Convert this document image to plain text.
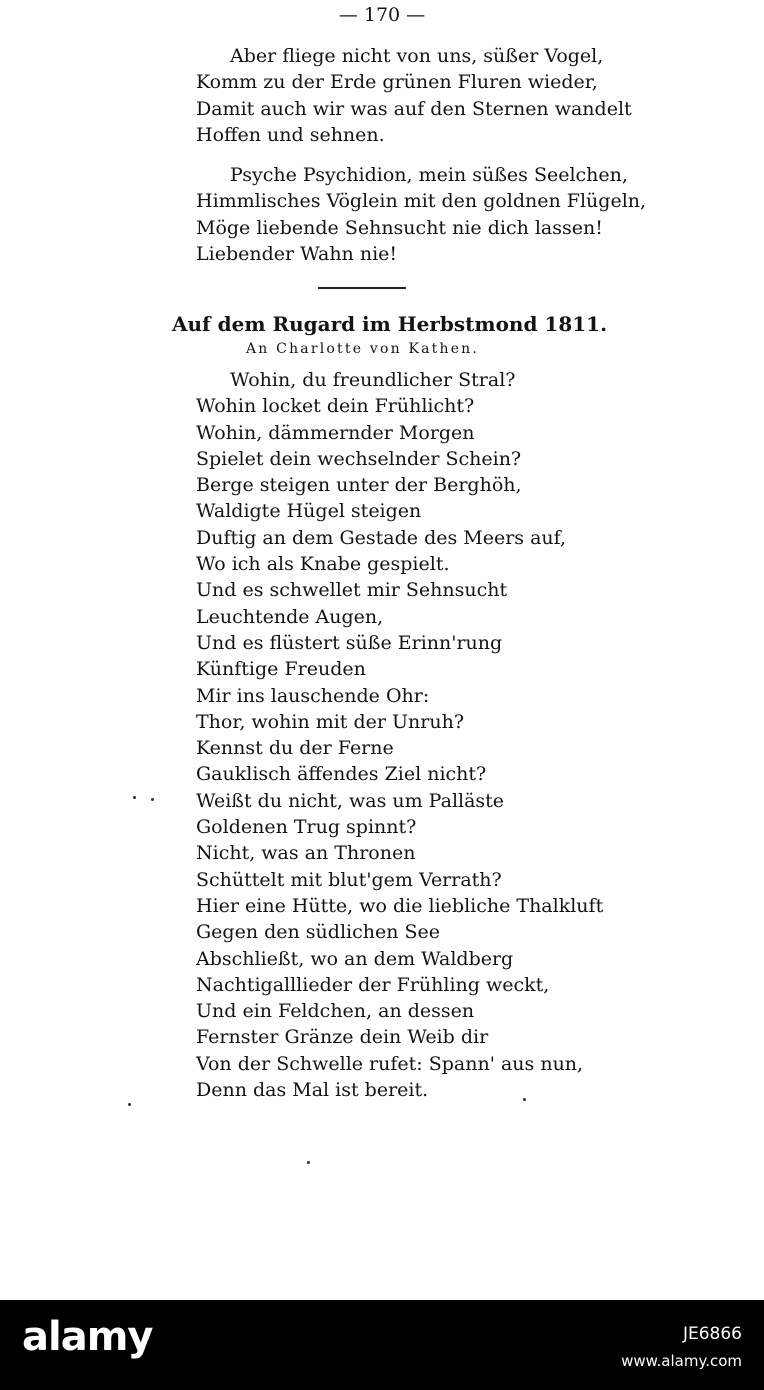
— 170 —
Aber fliege nicht von uns, süßer Vogel,
Komm zu der Erde grünen Fluren wieder,
Damit auch wir was auf den Sternen wandelt
Hoffen und sehnen.
Psyche Psychidion, mein süßes Seelchen,
Himmlisches Vöglein mit den goldnen Flügeln,
Möge liebende Sehnsucht nie dich lassen!
Liebender Wahn nie!
Auf dem Rugard im Herbstmond 1811.
An Charlotte von Kathen.
Wohin, du freundlicher Stral?
Wohin locket dein Frühlicht?
Wohin, dämmernder Morgen
Spielet dein wechselnder Schein?
Berge steigen unter der Berghöh,
Waldigte Hügel steigen
Duftig an dem Gestade des Meers auf,
Wo ich als Knabe gespielt.
Und es schwellet mir Sehnsucht
Leuchtende Augen,
Und es flüstert süße Erinn'rung
Künftige Freuden
Mir ins lauschende Ohr:
Thor, wohin mit der Unruh?
Kennst du der Ferne
Gauklisch äffendes Ziel nicht?
Weißt du nicht, was um Palläste
Goldenen Trug spinnt?
Nicht, was an Thronen
Schüttelt mit blut'gem Verrath?
Hier eine Hütte, wo die liebliche Thalkluft
Gegen den südlichen See
Abschließt, wo an dem Waldberg
Nachtigalllieder der Frühling weckt,
Und ein Feldchen, an dessen
Fernster Gränze dein Weib dir
Von der Schwelle rufet: Spann' aus nun,
Denn das Mal ist bereit.
alamy	JE6866
www.alamy.com
